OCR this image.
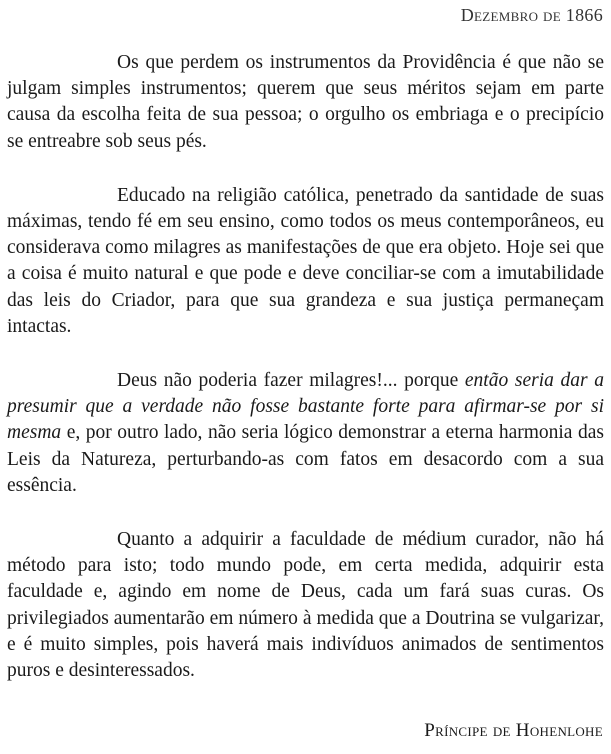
Dezembro de 1866

Os que perdem os instrumentos da Providência é que não se julgam simples instrumentos; querem que seus méritos sejam em parte causa da escolha feita de sua pessoa; o orgulho os embriaga e o precipício se entreabre sob seus pés.

Educado na religião católica, penetrado da santidade de suas máximas, tendo fé em seu ensino, como todos os meus contemporâneos, eu considerava como milagres as manifestações de que era objeto. Hoje sei que a coisa é muito natural e que pode e deve conciliar-se com a imutabilidade das leis do Criador, para que sua grandeza e sua justiça permaneçam intactas.

Deus não poderia fazer milagres!... porque então seria dar a presumir que a verdade não fosse bastante forte para afirmar-se por si mesma e, por outro lado, não seria lógico demonstrar a eterna harmonia das Leis da Natureza, perturbando-as com fatos em desacordo com a sua essência.

Quanto a adquirir a faculdade de médium curador, não há método para isto; todo mundo pode, em certa medida, adquirir esta faculdade e, agindo em nome de Deus, cada um fará suas curas. Os privilegiados aumentarão em número à medida que a Doutrina se vulgarizar, e é muito simples, pois haverá mais indivíduos animados de sentimentos puros e desinteressados.

Príncipe de Hohenlohe
